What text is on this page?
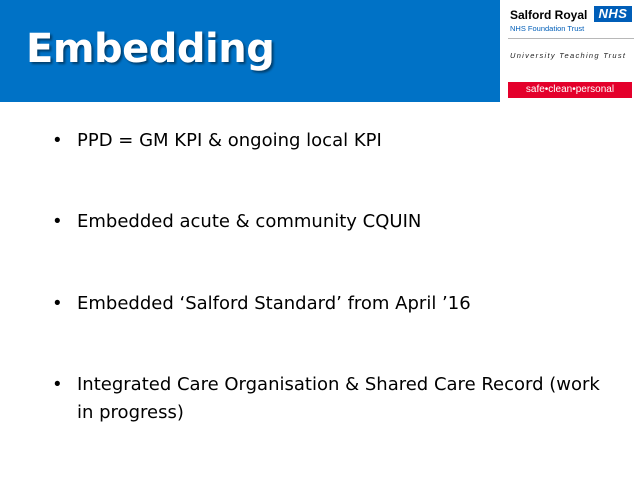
Embedding
Salford Royal NHS
NHS Foundation Trust
University Teaching Trust
safe•clean•personal
• PPD = GM KPI & ongoing local KPI
• Embedded acute & community CQUIN
• Embedded ‘Salford Standard’ from April ’16
• Integrated Care Organisation & Shared Care Record (work in progress)
